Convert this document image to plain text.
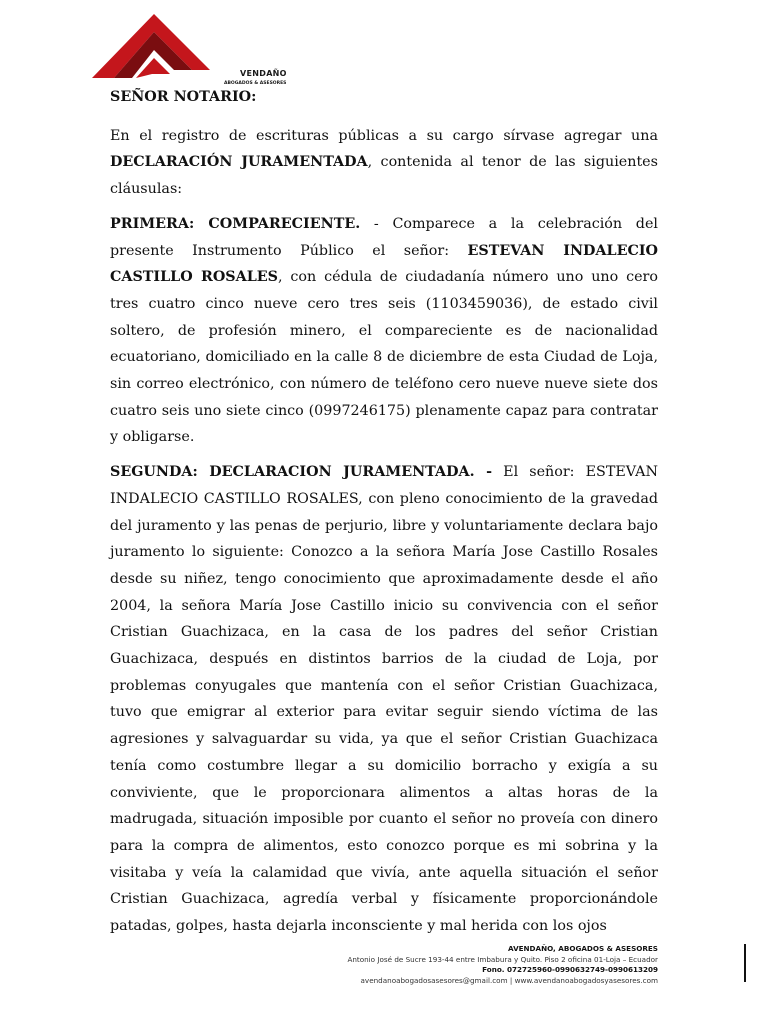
VENDAÑO
ABOGADOS & ASESORES

SEÑOR NOTARIO:

En el registro de escrituras públicas a su cargo sírvase agregar una DECLARACIÓN JURAMENTADA, contenida al tenor de las siguientes cláusulas:

PRIMERA: COMPARECIENTE. - Comparece a la celebración del presente Instrumento Público el señor: ESTEVAN INDALECIO CASTILLO ROSALES, con cédula de ciudadanía número uno uno cero tres cuatro cinco nueve cero tres seis (1103459036), de estado civil soltero, de profesión minero, el compareciente es de nacionalidad ecuatoriano, domiciliado en la calle 8 de diciembre de esta Ciudad de Loja, sin correo electrónico, con número de teléfono cero nueve nueve siete dos cuatro seis uno siete cinco (0997246175) plenamente capaz para contratar y obligarse.

SEGUNDA: DECLARACION JURAMENTADA. - El señor: ESTEVAN INDALECIO CASTILLO ROSALES, con pleno conocimiento de la gravedad del juramento y las penas de perjurio, libre y voluntariamente declara bajo juramento lo siguiente: Conozco a la señora María Jose Castillo Rosales desde su niñez, tengo conocimiento que aproximadamente desde el año 2004, la señora María Jose Castillo inicio su convivencia con el señor Cristian Guachizaca, en la casa de los padres del señor Cristian Guachizaca, después en distintos barrios de la ciudad de Loja, por problemas conyugales que mantenía con el señor Cristian Guachizaca, tuvo que emigrar al exterior para evitar seguir siendo víctima de las agresiones y salvaguardar su vida, ya que el señor Cristian Guachizaca tenía como costumbre llegar a su domicilio borracho y exigía a su conviviente, que le proporcionara alimentos a altas horas de la madrugada, situación imposible por cuanto el señor no proveía con dinero para la compra de alimentos, esto conozco porque es mi sobrina y la visitaba y veía la calamidad que vivía, ante aquella situación el señor Cristian Guachizaca, agredía verbal y físicamente proporcionándole patadas, golpes, hasta dejarla inconsciente y mal herida con los ojos

AVENDAÑO, ABOGADOS & ASESORES
Antonio José de Sucre 193-44 entre Imbabura y Quito. Piso 2 oficina 01-Loja – Ecuador
Fono. 072725960-0990632749-0990613209
avendanoabogadosasesores@gmail.com | www.avendanoabogadosyasesores.com
